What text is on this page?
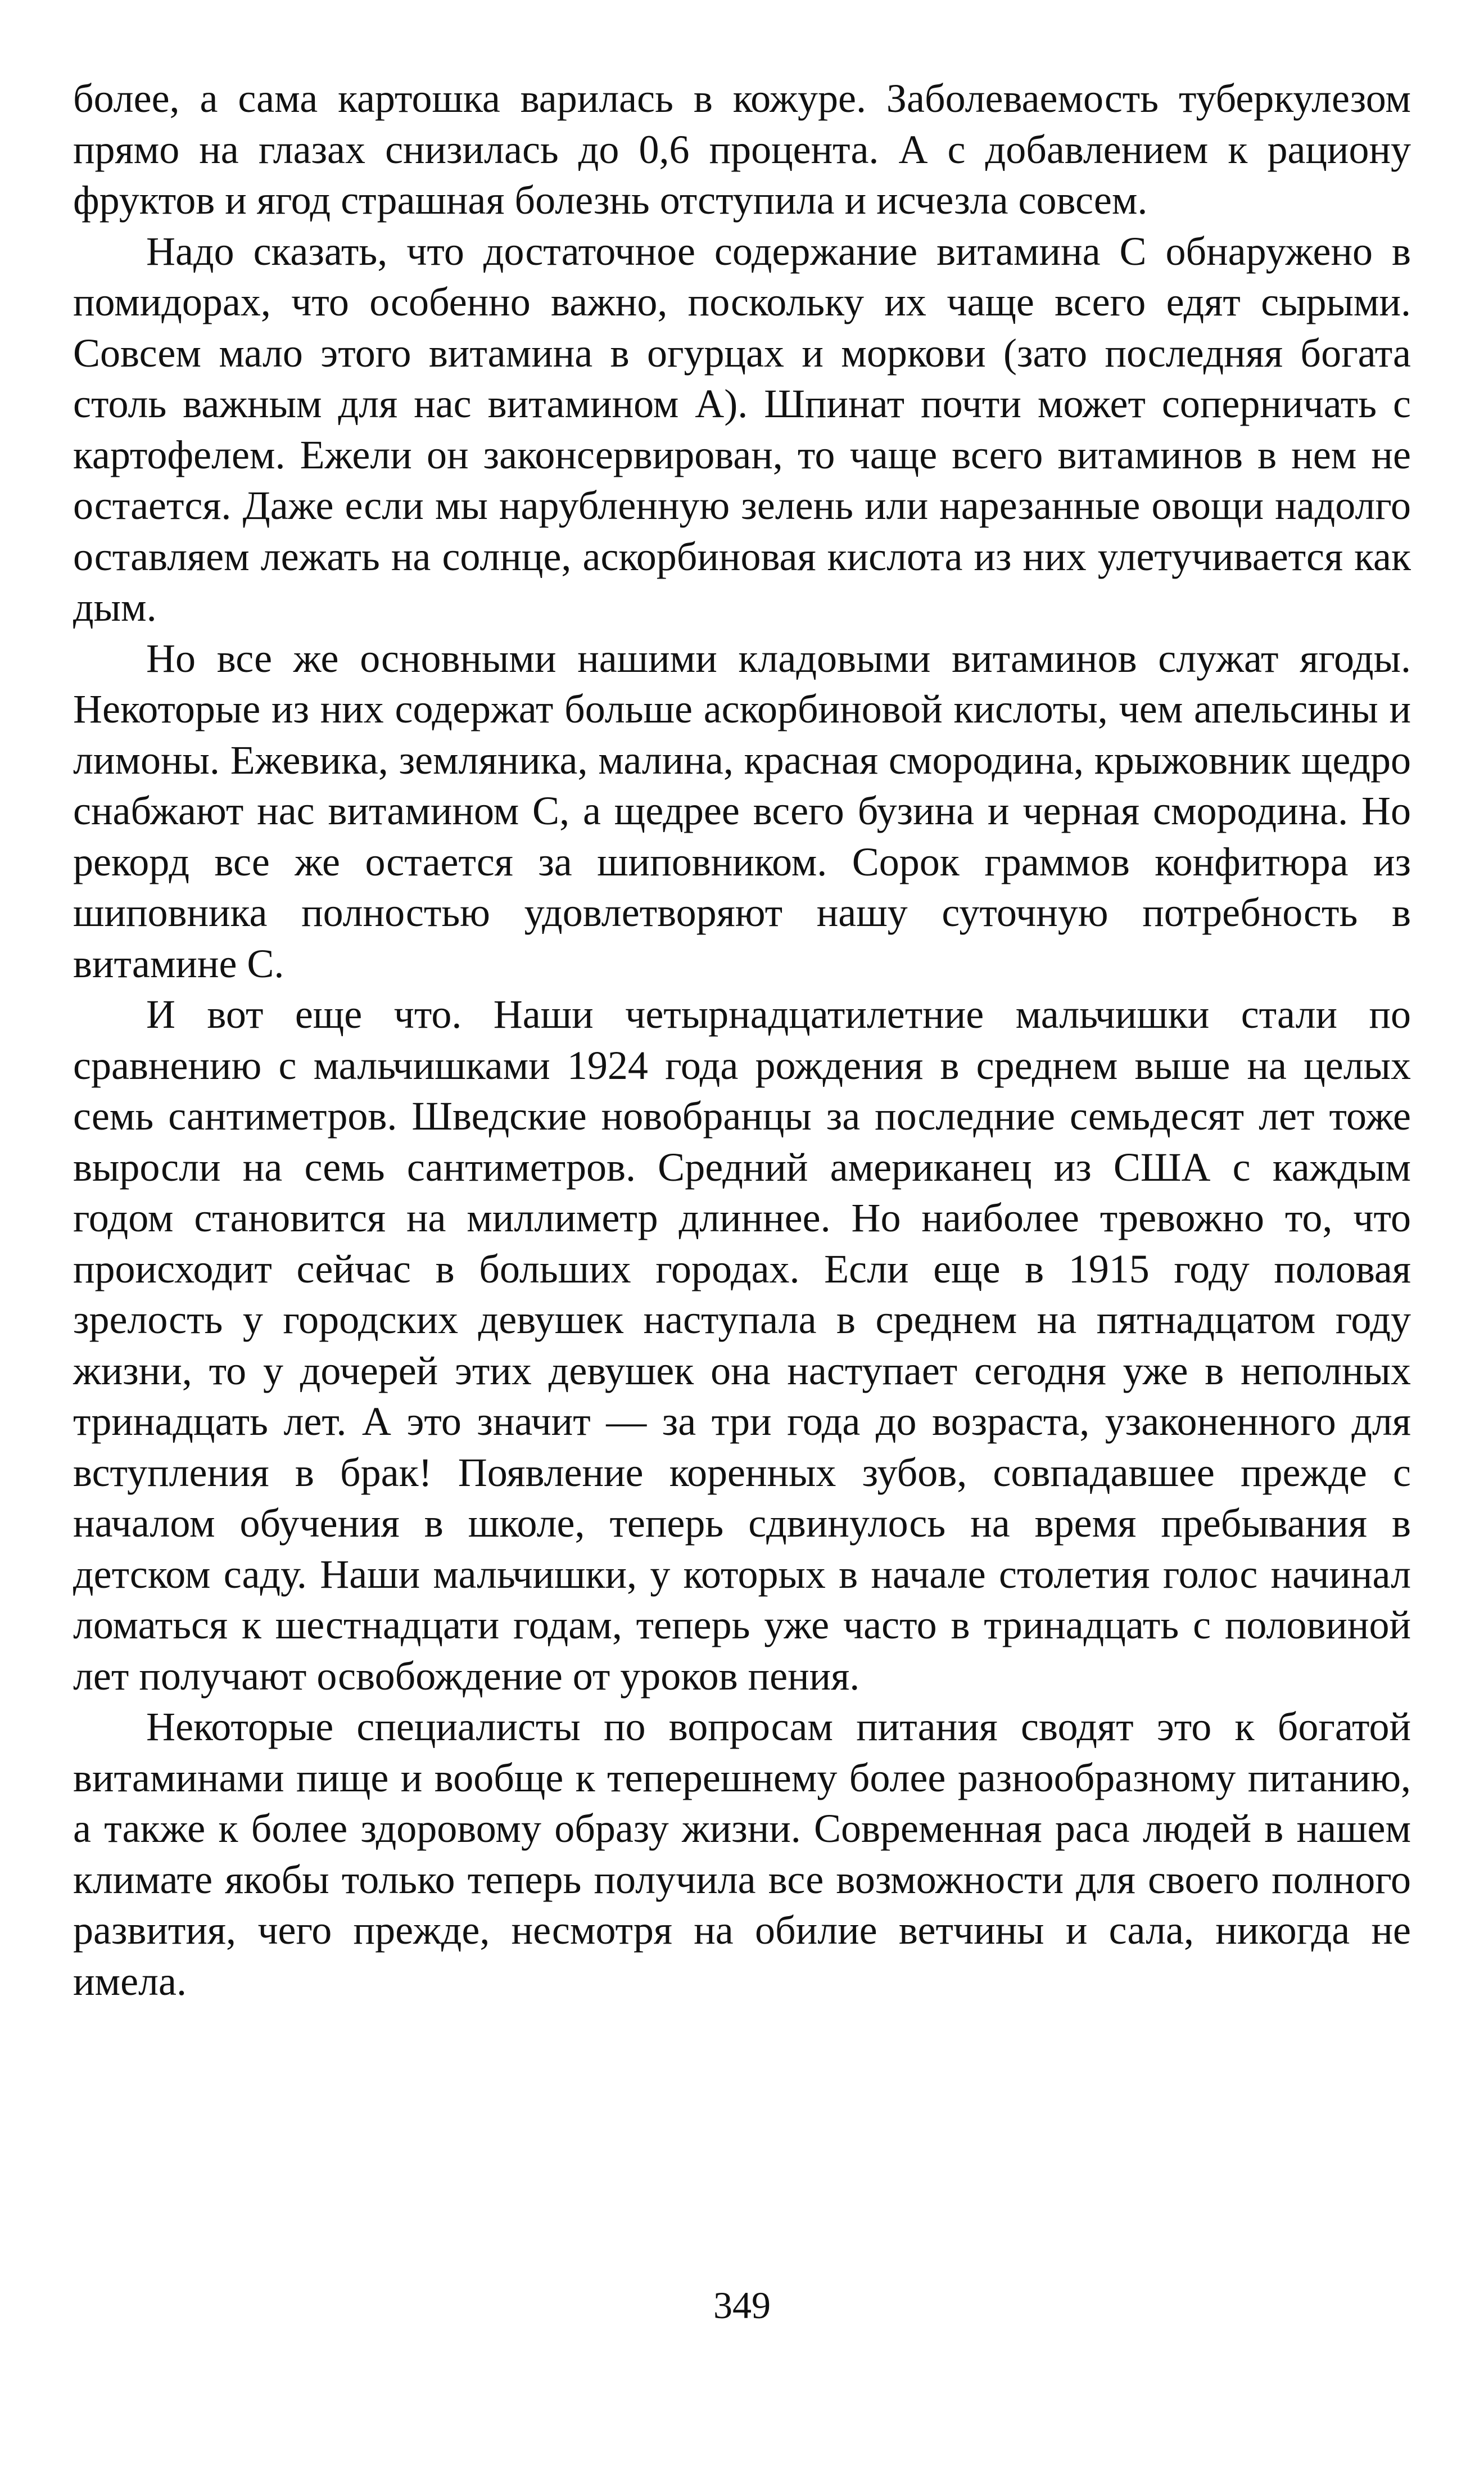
более, а сама картошка варилась в кожуре. Заболеваемость туберкулезом прямо на глазах снизилась до 0,6 процента. А с добавлением к рациону фруктов и ягод страшная болезнь отступила и исчезла совсем.

Надо сказать, что достаточное содержание витамина С обнаружено в помидорах, что особенно важно, поскольку их чаще всего едят сырыми. Совсем мало этого витамина в огурцах и моркови (зато последняя богата столь важным для нас витамином А). Шпинат почти может соперничать с картофелем. Ежели он законсервирован, то чаще всего витаминов в нем не остается. Даже если мы нарубленную зелень или нарезанные овощи надолго оставляем лежать на солнце, аскорбиновая кислота из них улетучивается как дым.

Но все же основными нашими кладовыми витаминов служат ягоды. Некоторые из них содержат больше аскорбиновой кислоты, чем апельсины и лимоны. Ежевика, земляника, малина, красная смородина, крыжовник щедро снабжают нас витамином С, а щедрее всего бузина и черная смородина. Но рекорд все же остается за шиповником. Сорок граммов конфитюра из шиповника полностью удовлетворяют нашу суточную потребность в витамине С.

И вот еще что. Наши четырнадцатилетние мальчишки стали по сравнению с мальчишками 1924 года рождения в среднем выше на целых семь сантиметров. Шведские новобранцы за последние семьдесят лет тоже выросли на семь сантиметров. Средний американец из США с каждым годом становится на миллиметр длиннее. Но наиболее тревожно то, что происходит сейчас в больших городах. Если еще в 1915 году половая зрелость у городских девушек наступала в среднем на пятнадцатом году жизни, то у дочерей этих девушек она наступает сегодня уже в неполных тринадцать лет. А это значит — за три года до возраста, узаконенного для вступления в брак! Появление коренных зубов, совпадавшее прежде с началом обучения в школе, теперь сдвинулось на время пребывания в детском саду. Наши мальчишки, у которых в начале столетия голос начинал ломаться к шестнадцати годам, теперь уже часто в тринадцать с половиной лет получают освобождение от уроков пения.

Некоторые специалисты по вопросам питания сводят это к богатой витаминами пище и вообще к теперешнему более разнообразному питанию, а также к более здоровому образу жизни. Современная раса людей в нашем климате якобы только теперь получила все возможности для своего полного развития, чего прежде, несмотря на обилие ветчины и сала, никогда не имела.

349
